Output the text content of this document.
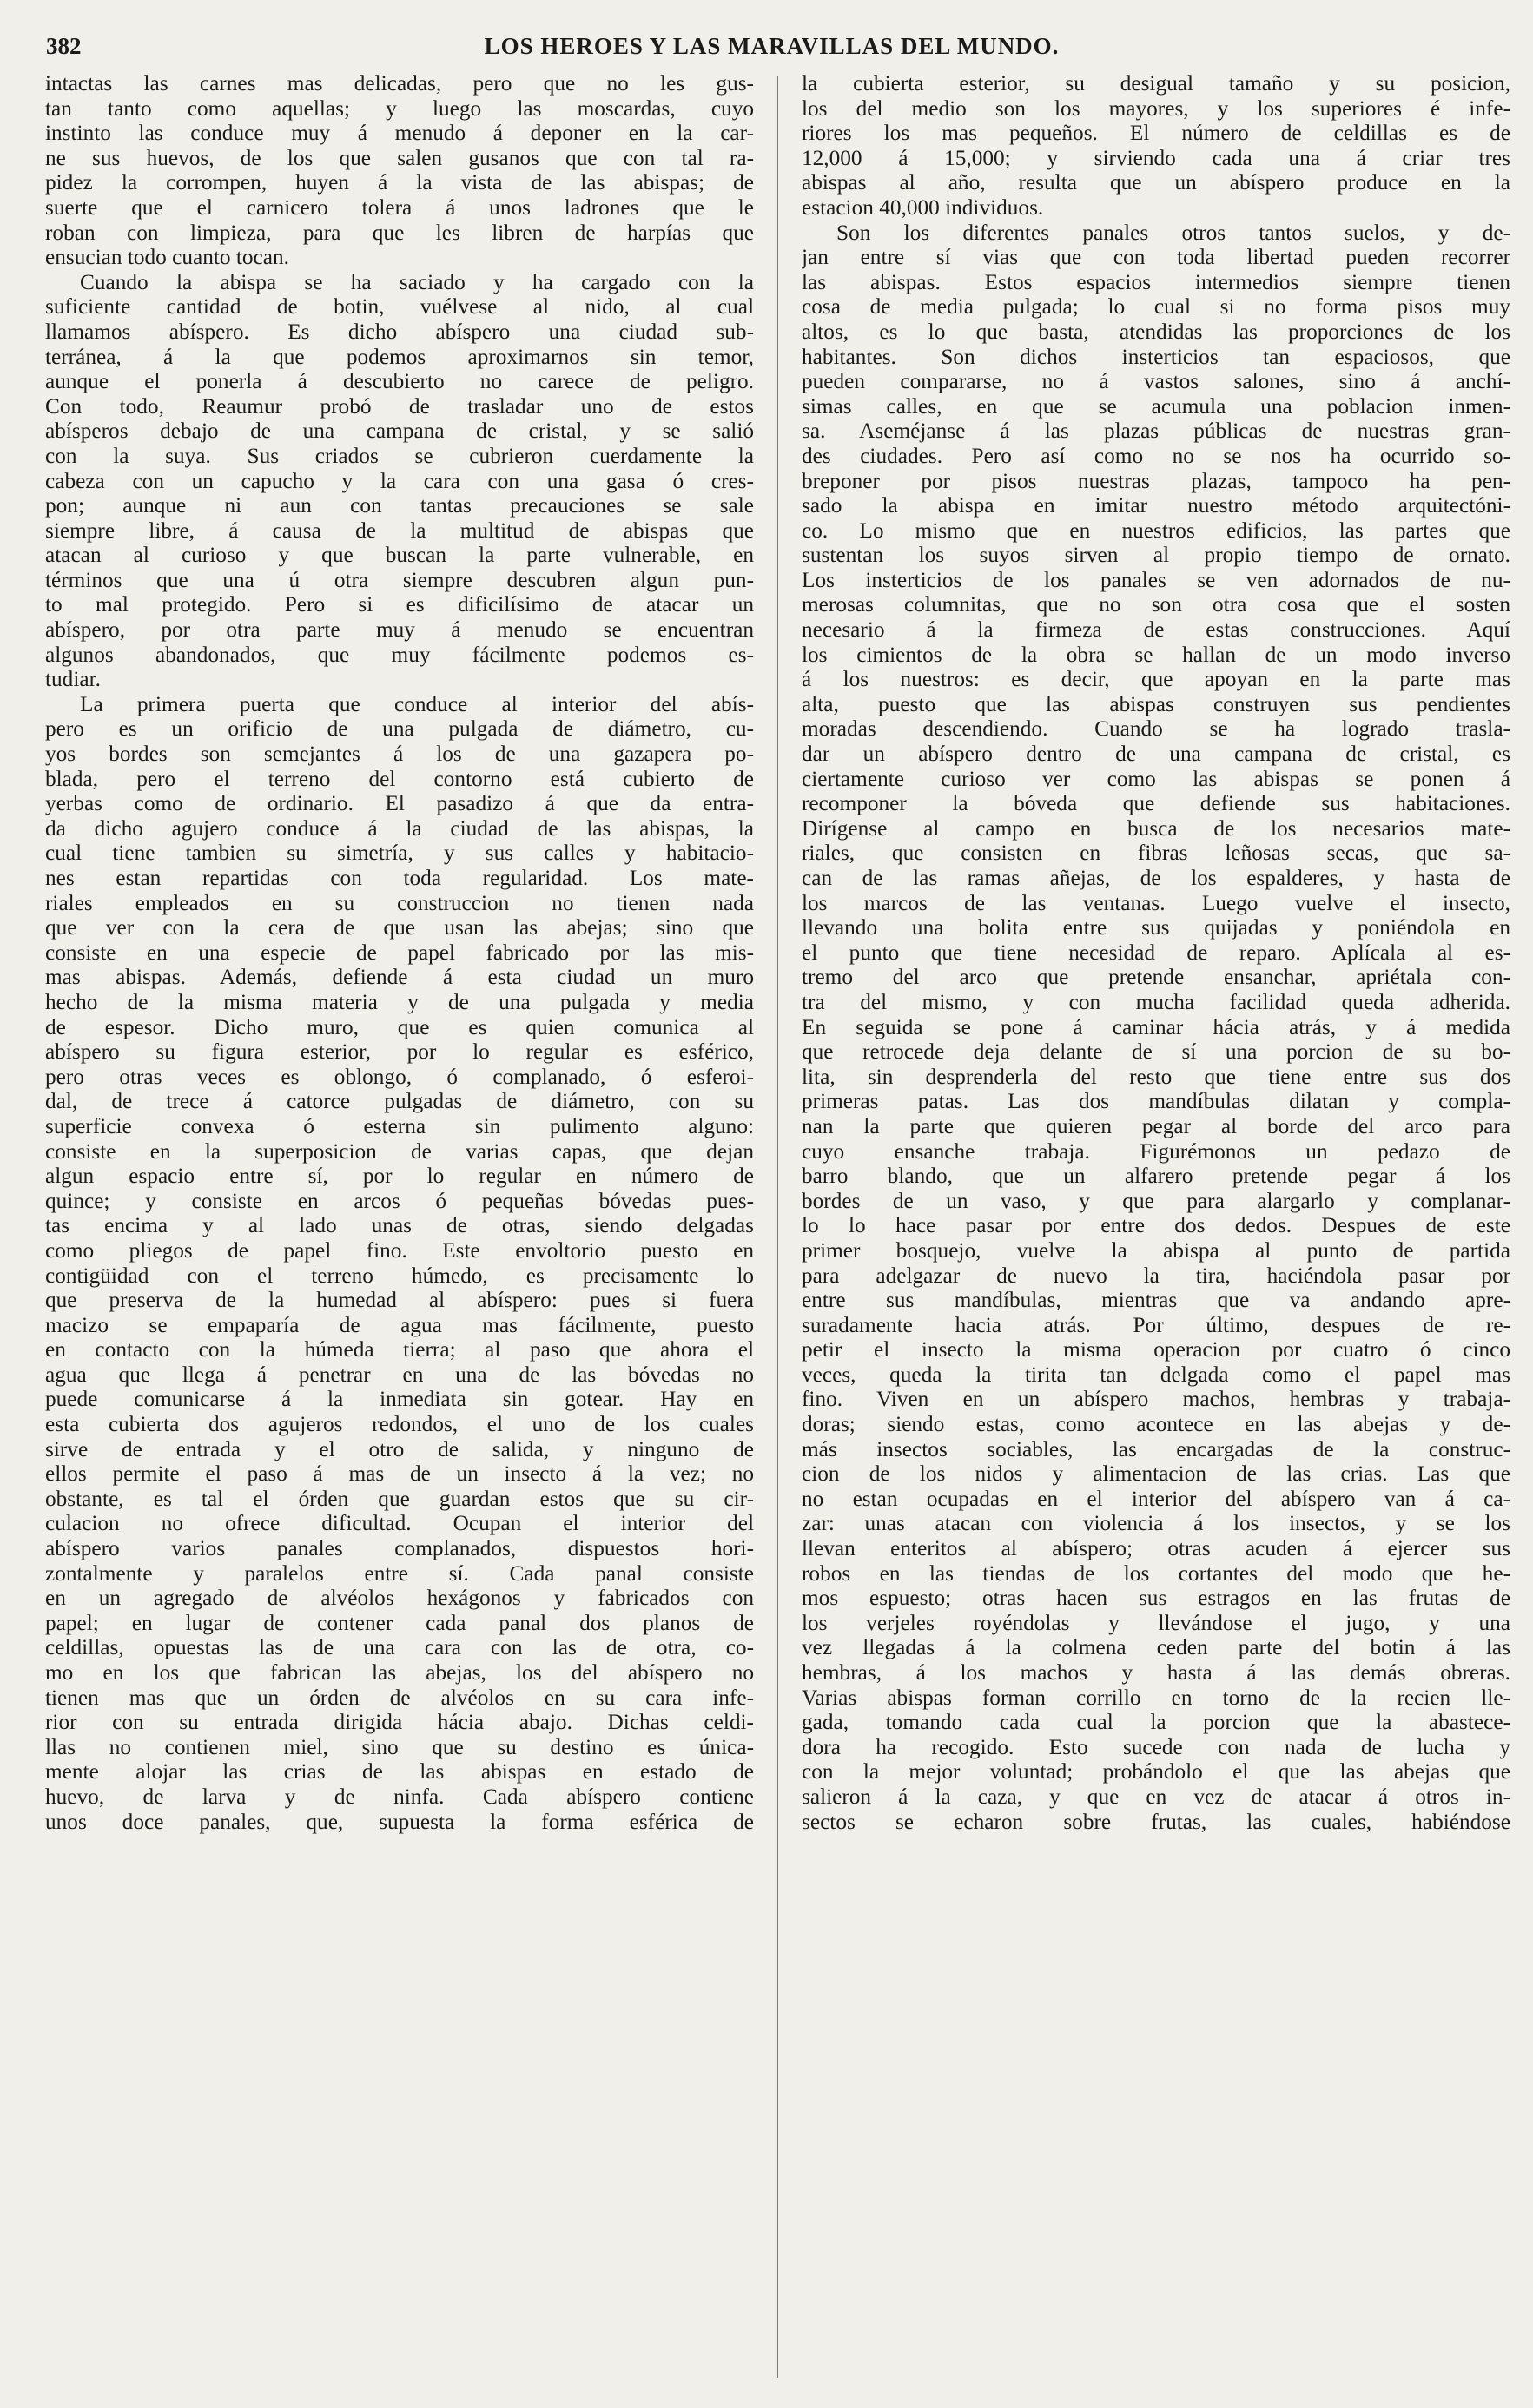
382	LOS HEROES Y LAS MARAVILLAS DEL MUNDO.
intactas las carnes mas delicadas, pero que no les gus-
tan tanto como aquellas; y luego las moscardas, cuyo
instinto las conduce muy á menudo á deponer en la car-
ne sus huevos, de los que salen gusanos que con tal ra-
pidez la corrompen, huyen á la vista de las abispas; de
suerte que el carnicero tolera á unos ladrones que le
roban con limpieza, para que les libren de harpías que
ensucian todo cuanto tocan.
Cuando la abispa se ha saciado y ha cargado con la
suficiente cantidad de botin, vuélvese al nido, al cual
llamamos abíspero. Es dicho abíspero una ciudad sub-
terránea, á la que podemos aproximarnos sin temor,
aunque el ponerla á descubierto no carece de peligro.
Con todo, Reaumur probó de trasladar uno de estos
abísperos debajo de una campana de cristal, y se salió
con la suya. Sus criados se cubrieron cuerdamente la
cabeza con un capucho y la cara con una gasa ó cres-
pon; aunque ni aun con tantas precauciones se sale
siempre libre, á causa de la multitud de abispas que
atacan al curioso y que buscan la parte vulnerable, en
términos que una ú otra siempre descubren algun pun-
to mal protegido. Pero si es dificilísimo de atacar un
abíspero, por otra parte muy á menudo se encuentran
algunos abandonados, que muy fácilmente podemos es-
tudiar.
La primera puerta que conduce al interior del abís-
pero es un orificio de una pulgada de diámetro, cu-
yos bordes son semejantes á los de una gazapera po-
blada, pero el terreno del contorno está cubierto de
yerbas como de ordinario. El pasadizo á que da entra-
da dicho agujero conduce á la ciudad de las abispas, la
cual tiene tambien su simetría, y sus calles y habitacio-
nes estan repartidas con toda regularidad. Los mate-
riales empleados en su construccion no tienen nada
que ver con la cera de que usan las abejas; sino que
consiste en una especie de papel fabricado por las mis-
mas abispas. Además, defiende á esta ciudad un muro
hecho de la misma materia y de una pulgada y media
de espesor. Dicho muro, que es quien comunica al
abíspero su figura esterior, por lo regular es esférico,
pero otras veces es oblongo, ó complanado, ó esferoi-
dal, de trece á catorce pulgadas de diámetro, con su
superficie convexa ó esterna sin pulimento alguno:
consiste en la superposicion de varias capas, que dejan
algun espacio entre sí, por lo regular en número de
quince; y consiste en arcos ó pequeñas bóvedas pues-
tas encima y al lado unas de otras, siendo delgadas
como pliegos de papel fino. Este envoltorio puesto en
contigüidad con el terreno húmedo, es precisamente lo
que preserva de la humedad al abíspero: pues si fuera
macizo se empaparía de agua mas fácilmente, puesto
en contacto con la húmeda tierra; al paso que ahora el
agua que llega á penetrar en una de las bóvedas no
puede comunicarse á la inmediata sin gotear. Hay en
esta cubierta dos agujeros redondos, el uno de los cuales
sirve de entrada y el otro de salida, y ninguno de
ellos permite el paso á mas de un insecto á la vez; no
obstante, es tal el órden que guardan estos que su cir-
culacion no ofrece dificultad. Ocupan el interior del
abíspero varios panales complanados, dispuestos hori-
zontalmente y paralelos entre sí. Cada panal consiste
en un agregado de alvéolos hexágonos y fabricados con
papel; en lugar de contener cada panal dos planos de
celdillas, opuestas las de una cara con las de otra, co-
mo en los que fabrican las abejas, los del abíspero no
tienen mas que un órden de alvéolos en su cara infe-
rior con su entrada dirigida hácia abajo. Dichas celdi-
llas no contienen miel, sino que su destino es única-
mente alojar las crias de las abispas en estado de
huevo, de larva y de ninfa. Cada abíspero contiene
unos doce panales, que, supuesta la forma esférica de
la cubierta esterior, su desigual tamaño y su posicion,
los del medio son los mayores, y los superiores é infe-
riores los mas pequeños. El número de celdillas es de
12,000 á 15,000; y sirviendo cada una á criar tres
abispas al año, resulta que un abíspero produce en la
estacion 40,000 individuos.
Son los diferentes panales otros tantos suelos, y de-
jan entre sí vias que con toda libertad pueden recorrer
las abispas. Estos espacios intermedios siempre tienen
cosa de media pulgada; lo cual si no forma pisos muy
altos, es lo que basta, atendidas las proporciones de los
habitantes. Son dichos insterticios tan espaciosos, que
pueden compararse, no á vastos salones, sino á anchí-
simas calles, en que se acumula una poblacion inmen-
sa. Aseméjanse á las plazas públicas de nuestras gran-
des ciudades. Pero así como no se nos ha ocurrido so-
breponer por pisos nuestras plazas, tampoco ha pen-
sado la abispa en imitar nuestro método arquitectóni-
co. Lo mismo que en nuestros edificios, las partes que
sustentan los suyos sirven al propio tiempo de ornato.
Los insterticios de los panales se ven adornados de nu-
merosas columnitas, que no son otra cosa que el sosten
necesario á la firmeza de estas construcciones. Aquí
los cimientos de la obra se hallan de un modo inverso
á los nuestros: es decir, que apoyan en la parte mas
alta, puesto que las abispas construyen sus pendientes
moradas descendiendo. Cuando se ha logrado trasla-
dar un abíspero dentro de una campana de cristal, es
ciertamente curioso ver como las abispas se ponen á
recomponer la bóveda que defiende sus habitaciones.
Dirígense al campo en busca de los necesarios mate-
riales, que consisten en fibras leñosas secas, que sa-
can de las ramas añejas, de los espalderes, y hasta de
los marcos de las ventanas. Luego vuelve el insecto,
llevando una bolita entre sus quijadas y poniéndola en
el punto que tiene necesidad de reparo. Aplícala al es-
tremo del arco que pretende ensanchar, apriétala con-
tra del mismo, y con mucha facilidad queda adherida.
En seguida se pone á caminar hácia atrás, y á medida
que retrocede deja delante de sí una porcion de su bo-
lita, sin desprenderla del resto que tiene entre sus dos
primeras patas. Las dos mandíbulas dilatan y compla-
nan la parte que quieren pegar al borde del arco para
cuyo ensanche trabaja. Figurémonos un pedazo de
barro blando, que un alfarero pretende pegar á los
bordes de un vaso, y que para alargarlo y complanar-
lo lo hace pasar por entre dos dedos. Despues de este
primer bosquejo, vuelve la abispa al punto de partida
para adelgazar de nuevo la tira, haciéndola pasar por
entre sus mandíbulas, mientras que va andando apre-
suradamente hacia atrás. Por último, despues de re-
petir el insecto la misma operacion por cuatro ó cinco
veces, queda la tirita tan delgada como el papel mas
fino. Viven en un abíspero machos, hembras y trabaja-
doras; siendo estas, como acontece en las abejas y de-
más insectos sociables, las encargadas de la construc-
cion de los nidos y alimentacion de las crias. Las que
no estan ocupadas en el interior del abíspero van á ca-
zar: unas atacan con violencia á los insectos, y se los
llevan enteritos al abíspero; otras acuden á ejercer sus
robos en las tiendas de los cortantes del modo que he-
mos espuesto; otras hacen sus estragos en las frutas de
los verjeles royéndolas y llevándose el jugo, y una
vez llegadas á la colmena ceden parte del botin á las
hembras, á los machos y hasta á las demás obreras.
Varias abispas forman corrillo en torno de la recien lle-
gada, tomando cada cual la porcion que la abastece-
dora ha recogido. Esto sucede con nada de lucha y
con la mejor voluntad; probándolo el que las abejas que
salieron á la caza, y que en vez de atacar á otros in-
sectos se echaron sobre frutas, las cuales, habiéndose
